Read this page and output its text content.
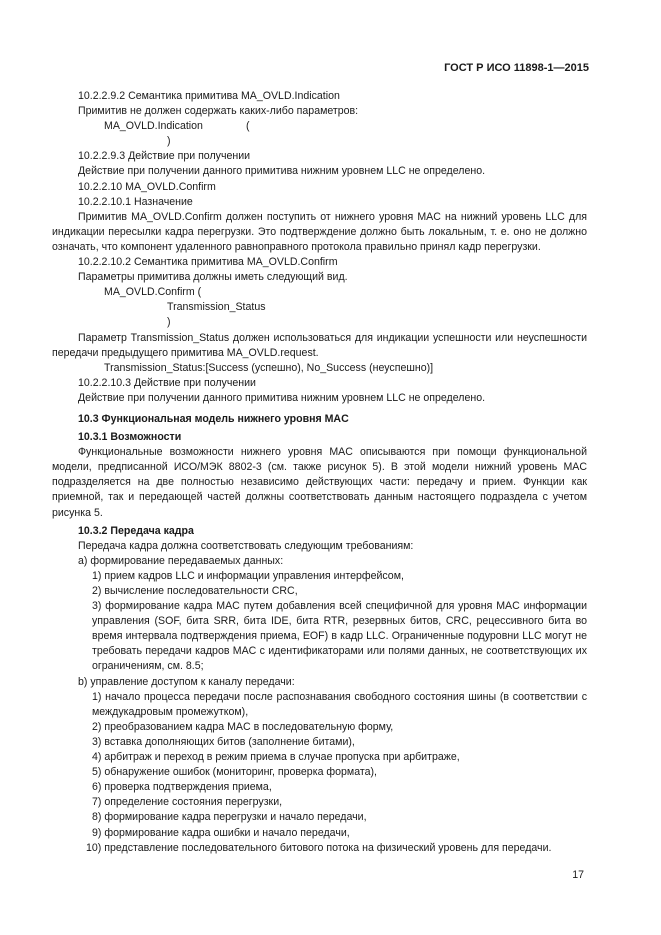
ГОСТ Р ИСО 11898-1—2015

10.2.2.9.2 Семантика примитива MA_OVLD.Indication

Примитив не должен содержать каких-либо параметров:

MA_OVLD.Indication	(

)

10.2.2.9.3 Действие при получении

Действие при получении данного примитива нижним уровнем LLC не определено.

10.2.2.10 MA_OVLD.Confirm

10.2.2.10.1 Назначение

Примитив MA_OVLD.Confirm должен поступить от нижнего уровня MAC на нижний уровень LLC для индикации пересылки кадра перегрузки. Это подтверждение должно быть локальным, т. е. оно не должно означать, что компонент удаленного равноправного протокола правильно принял кадр перегрузки.

10.2.2.10.2 Семантика примитива MA_OVLD.Confirm

Параметры примитива должны иметь следующий вид.

MA_OVLD.Confirm (

Transmission_Status

)

Параметр Transmission_Status должен использоваться для индикации успешности или неуспешности передачи предыдущего примитива MA_OVLD.request.

Transmission_Status:[Success (успешно), No_Success (неуспешно)]

10.2.2.10.3 Действие при получении

Действие при получении данного примитива нижним уровнем LLC не определено.

10.3 Функциональная модель нижнего уровня MAC

10.3.1 Возможности

Функциональные возможности нижнего уровня MAC описываются при помощи функциональной модели, предписанной ИСО/МЭК 8802-3 (см. также рисунок 5). В этой модели нижний уровень MAC подразделяется на две полностью независимо действующих части: передачу и прием. Функции как приемной, так и передающей частей должны соответствовать данным настоящего подраздела с учетом рисунка 5.

10.3.2 Передача кадра

Передача кадра должна соответствовать следующим требованиям:

а) формирование передаваемых данных:

1) прием кадров LLC и информации управления интерфейсом,

2) вычисление последовательности CRC,

3) формирование кадра MAC путем добавления всей специфичной для уровня MAC информации управления (SOF, бита SRR, бита IDE, бита RTR, резервных битов, CRC, рецессивного бита во время интервала подтверждения приема, EOF) в кадр LLC. Ограниченные подуровни LLC могут не требовать передачи кадров MAC с идентификаторами или полями данных, не соответствующих их ограничениям, см. 8.5;

b) управление доступом к каналу передачи:

1) начало процесса передачи после распознавания свободного состояния шины (в соответствии с междукадровым промежутком),

2) преобразованием кадра MAC в последовательную форму,

3) вставка дополняющих битов (заполнение битами),

4) арбитраж и переход в режим приема в случае пропуска при арбитраже,

5) обнаружение ошибок (мониторинг, проверка формата),

6) проверка подтверждения приема,

7) определение состояния перегрузки,

8) формирование кадра перегрузки и начало передачи,

9) формирование кадра ошибки и начало передачи,

10) представление последовательного битового потока на физический уровень для передачи.

17
